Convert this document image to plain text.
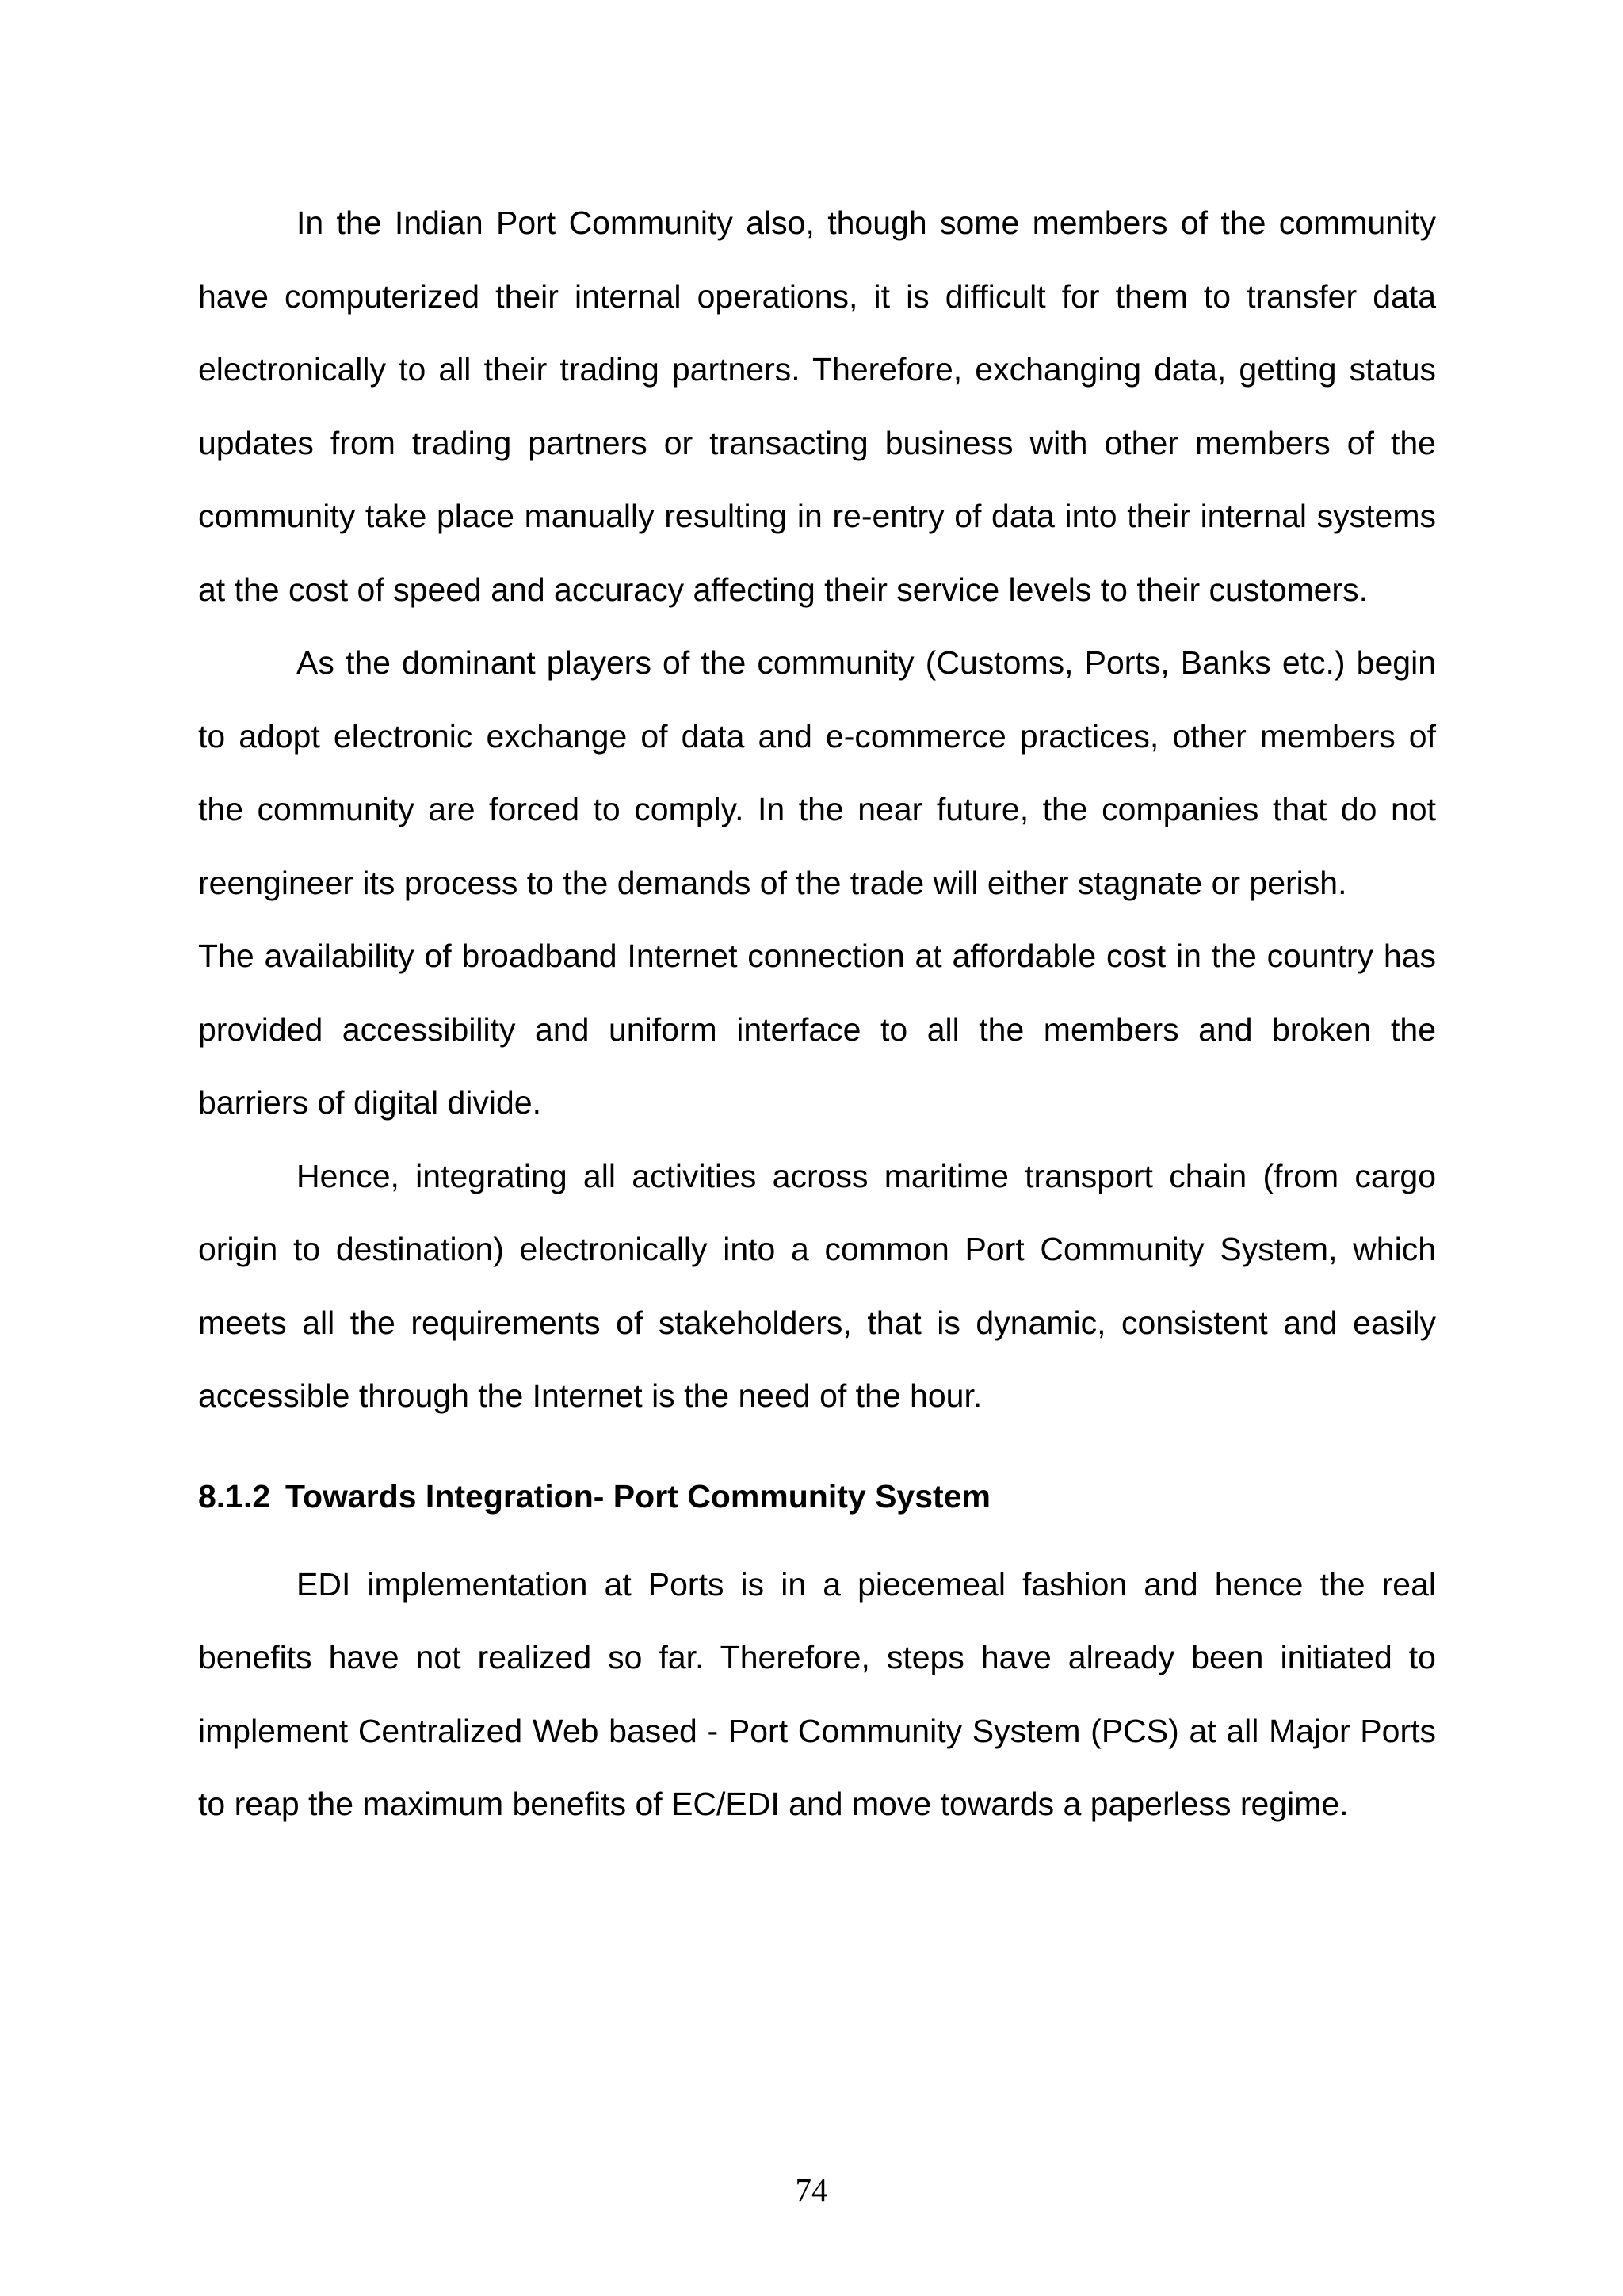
In the Indian Port Community also, though some members of the community have computerized their internal operations, it is difficult for them to transfer data electronically to all their trading partners. Therefore, exchanging data, getting status updates from trading partners or transacting business with other members of the community take place manually resulting in re-entry of data into their internal systems at the cost of speed and accuracy affecting their service levels to their customers.

As the dominant players of the community (Customs, Ports, Banks etc.) begin to adopt electronic exchange of data and e-commerce practices, other members of the community are forced to comply. In the near future, the companies that do not reengineer its process to the demands of the trade will either stagnate or perish.

The availability of broadband Internet connection at affordable cost in the country has provided accessibility and uniform interface to all the members and broken the barriers of digital divide.

Hence, integrating all activities across maritime transport chain (from cargo origin to destination) electronically into a common Port Community System, which meets all the requirements of stakeholders, that is dynamic, consistent and easily accessible through the Internet is the need of the hour.

8.1.2 Towards Integration- Port Community System

EDI implementation at Ports is in a piecemeal fashion and hence the real benefits have not realized so far. Therefore, steps have already been initiated to implement Centralized Web based - Port Community System (PCS) at all Major Ports to reap the maximum benefits of EC/EDI and move towards a paperless regime.

74
